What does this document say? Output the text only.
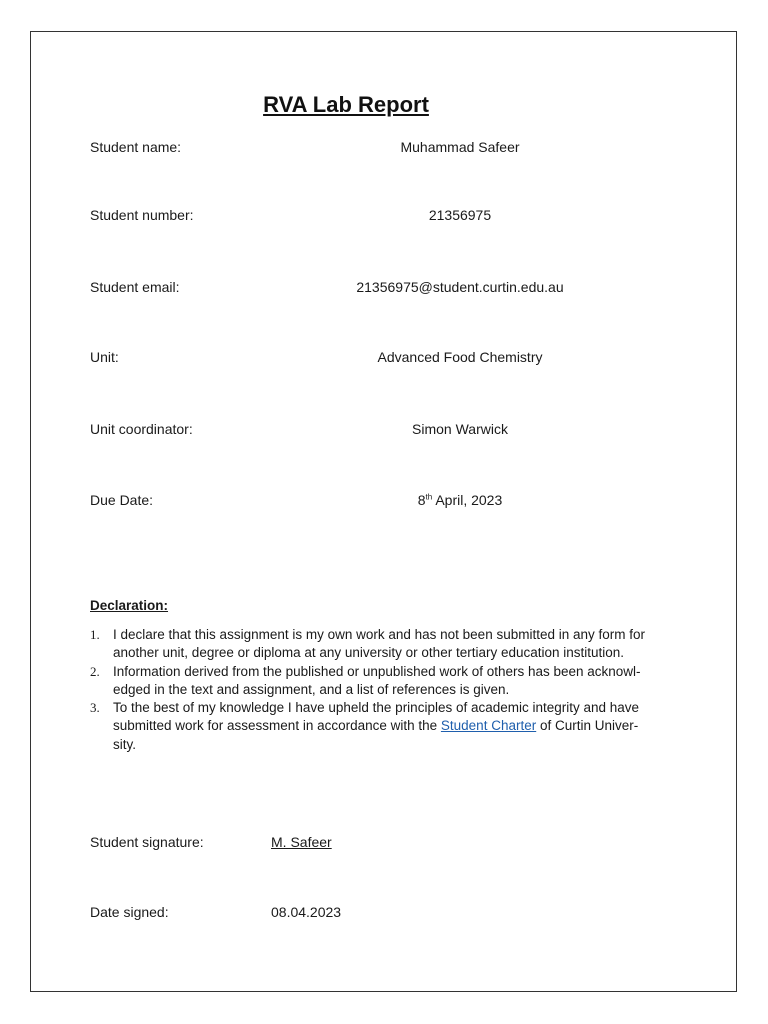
RVA Lab Report
Student name:	Muhammad Safeer
Student number:	21356975
Student email:	21356975@student.curtin.edu.au
Unit:	Advanced Food Chemistry
Unit coordinator:	Simon Warwick
Due Date:	8th April, 2023
Declaration:
1. I declare that this assignment is my own work and has not been submitted in any form for another unit, degree or diploma at any university or other tertiary education institution.
2. Information derived from the published or unpublished work of others has been acknowl-edged in the text and assignment, and a list of references is given.
3. To the best of my knowledge I have upheld the principles of academic integrity and have submitted work for assessment in accordance with the Student Charter of Curtin Univer-sity.
Student signature:	M. Safeer
Date signed:	08.04.2023
